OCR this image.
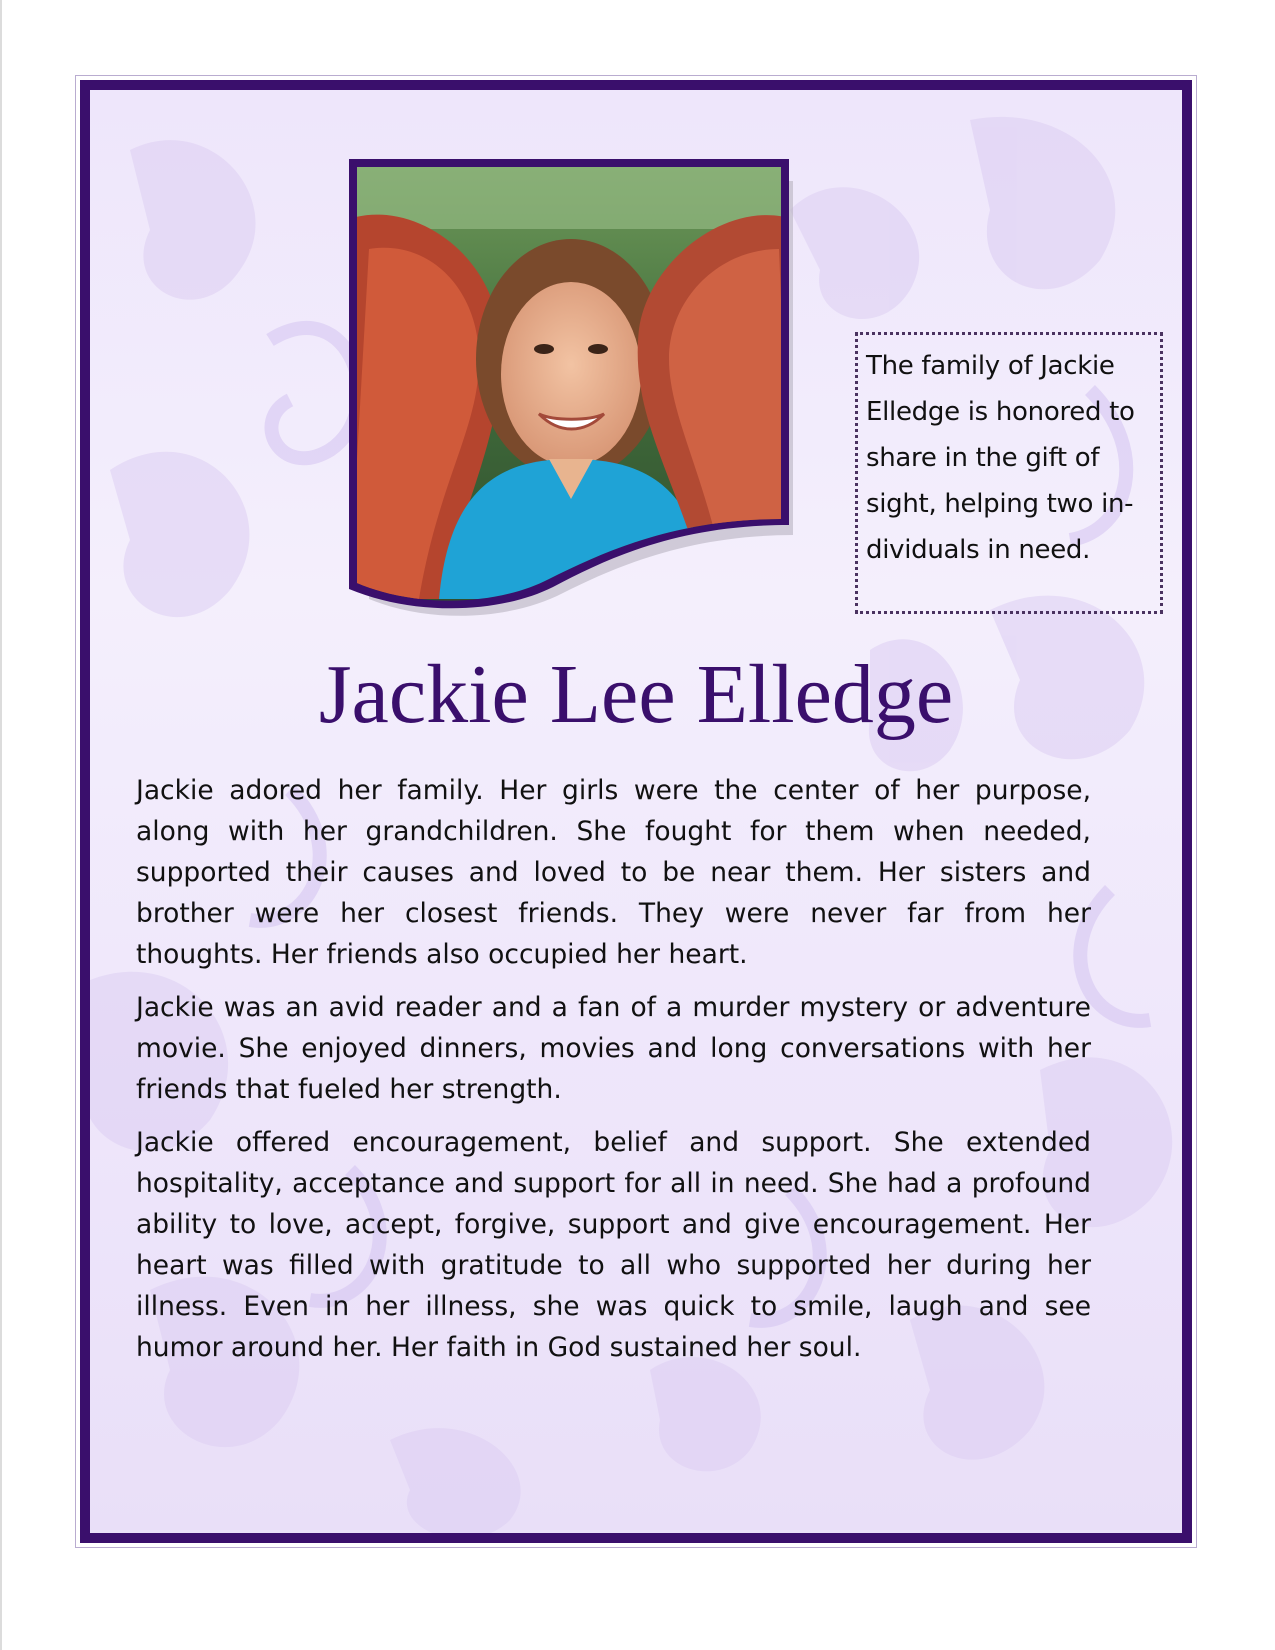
The family of Jackie Elledge is honored to share in the gift of sight, helping two in-dividuals in need.
Jackie Lee Elledge

Jackie adored her family. Her girls were the center of her purpose, along with her grandchildren. She fought for them when needed, supported their causes and loved to be near them. Her sisters and brother were her closest friends. They were never far from her thoughts. Her friends also occupied her heart.

Jackie was an avid reader and a fan of a murder mystery or adventure movie. She enjoyed dinners, movies and long conversations with her friends that fueled her strength.

Jackie offered encouragement, belief and support. She extended hospitality, acceptance and support for all in need. She had a profound ability to love, accept, forgive, support and give encouragement. Her heart was filled with gratitude to all who supported her during her illness. Even in her illness, she was quick to smile, laugh and see humor around her. Her faith in God sustained her soul.
